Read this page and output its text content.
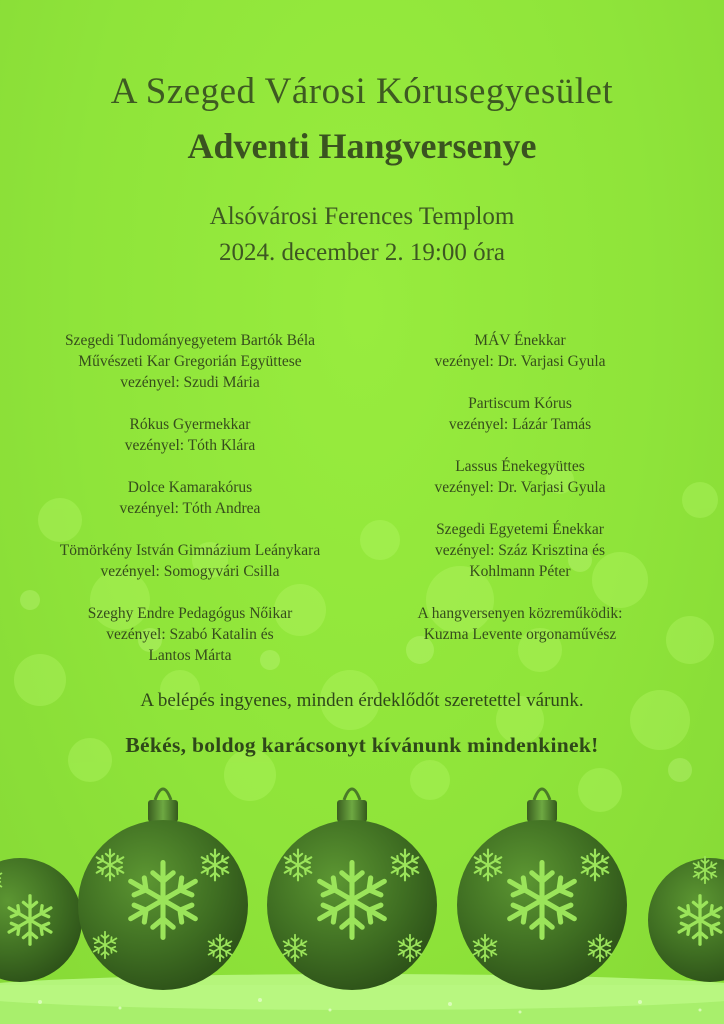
A Szeged Városi Kórusegyesület
Adventi Hangversenye
Alsóvárosi Ferences Templom
2024. december 2. 19:00 óra
Szegedi Tudományegyetem Bartók Béla
Művészeti Kar Gregorián Együttese
vezényel: Szudi Mária
Rókus Gyermekkar
vezényel: Tóth Klára
Dolce Kamarakórus
vezényel: Tóth Andrea
Tömörkény István Gimnázium Leánykara
vezényel: Somogyvári Csilla
Szeghy Endre Pedagógus Nőikar
vezényel: Szabó Katalin és
Lantos Márta
MÁV Énekkar
vezényel: Dr. Varjasi Gyula
Partiscum Kórus
vezényel: Lázár Tamás
Lassus Énekegyüttes
vezényel: Dr. Varjasi Gyula
Szegedi Egyetemi Énekkar
vezényel: Száz Krisztina és
Kohlmann Péter
A hangversenyen közreműködik:
Kuzma Levente orgonaművész
A belépés ingyenes, minden érdeklődőt szeretettel várunk.
Békés, boldog karácsonyt kívánunk mindenkinek!
